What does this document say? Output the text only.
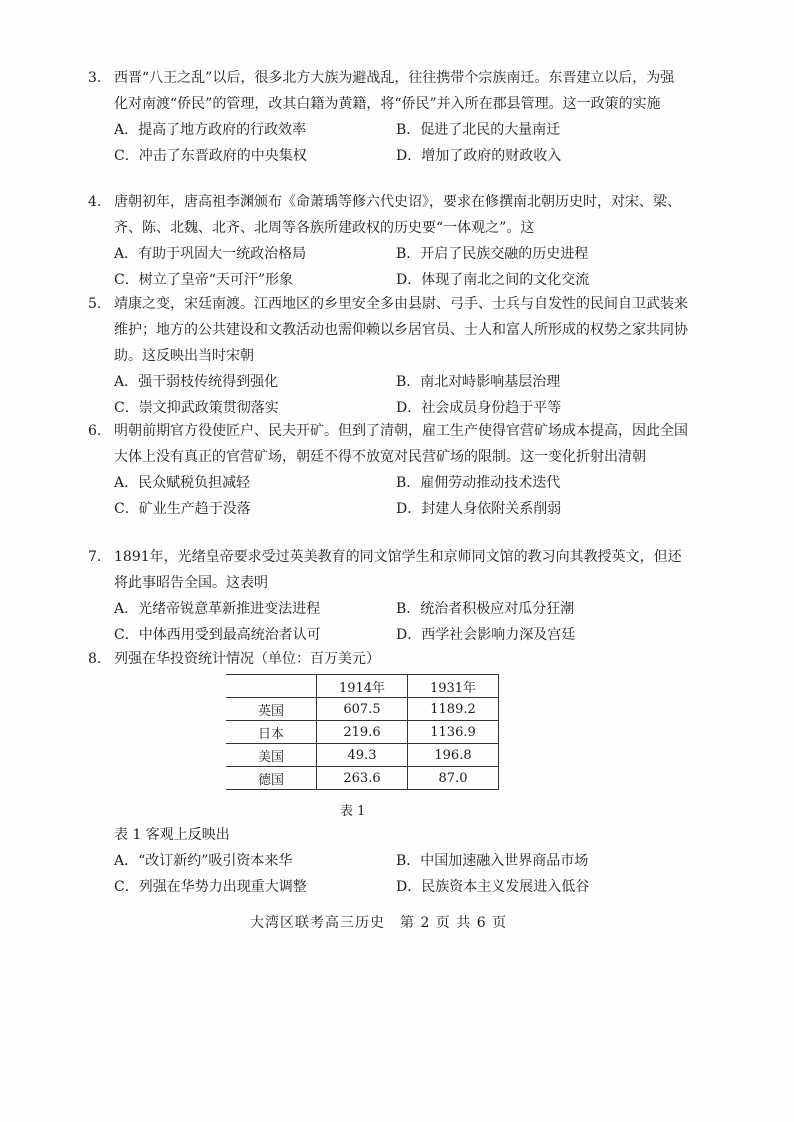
3. 西晋“八王之乱”以后，很多北方大族为避战乱，往往携带个宗族南迁。东晋建立以后，为强化对南渡“侨民”的管理，改其白籍为黄籍，将“侨民”并入所在郡县管理。这一政策的实施
A．提高了地方政府的行政效率	B．促进了北民的大量南迁
C．冲击了东晋政府的中央集权	D．增加了政府的财政收入
4. 唐朝初年，唐高祖李渊颁布《命萧瑀等修六代史诏》，要求在修撰南北朝历史时，对宋、梁、齐、陈、北魏、北齐、北周等各族所建政权的历史要“一体观之”。这
A．有助于巩固大一统政治格局	B．开启了民族交融的历史进程
C．树立了皇帝“天可汗”形象	D．体现了南北之间的文化交流
5. 靖康之变，宋廷南渡。江西地区的乡里安全多由县尉、弓手、士兵与自发性的民间自卫武装来维护；地方的公共建设和文教活动也需仰赖以乡居官员、士人和富人所形成的权势之家共同协助。这反映出当时宋朝
A．强干弱枝传统得到强化	B．南北对峙影响基层治理
C．崇文抑武政策贯彻落实	D．社会成员身份趋于平等
6. 明朝前期官方役使匠户、民夫开矿。但到了清朝，雇工生产使得官营矿场成本提高，因此全国大体上没有真正的官营矿场，朝廷不得不放宽对民营矿场的限制。这一变化折射出清朝
A．民众赋税负担减轻	B．雇佣劳动推动技术迭代
C．矿业生产趋于没落	D．封建人身依附关系削弱
7. 1891年，光绪皇帝要求受过英美教育的同文馆学生和京师同文馆的教习向其教授英文，但还将此事昭告全国。这表明
A．光绪帝锐意革新推进变法进程	B．统治者积极应对瓜分狂潮
C．中体西用受到最高统治者认可	D．西学社会影响力深及宫廷
8. 列强在华投资统计情况（单位：百万美元）
	1914年	1931年
英国	607.5	1189.2
日本	219.6	1136.9
美国	49.3	196.8
德国	263.6	87.0
表 1
表 1 客观上反映出
A．“改订新约”吸引资本来华	B．中国加速融入世界商品市场
C．列强在华势力出现重大调整	D．民族资本主义发展进入低谷
大湾区联考高三历史　第 2 页 共 6 页
